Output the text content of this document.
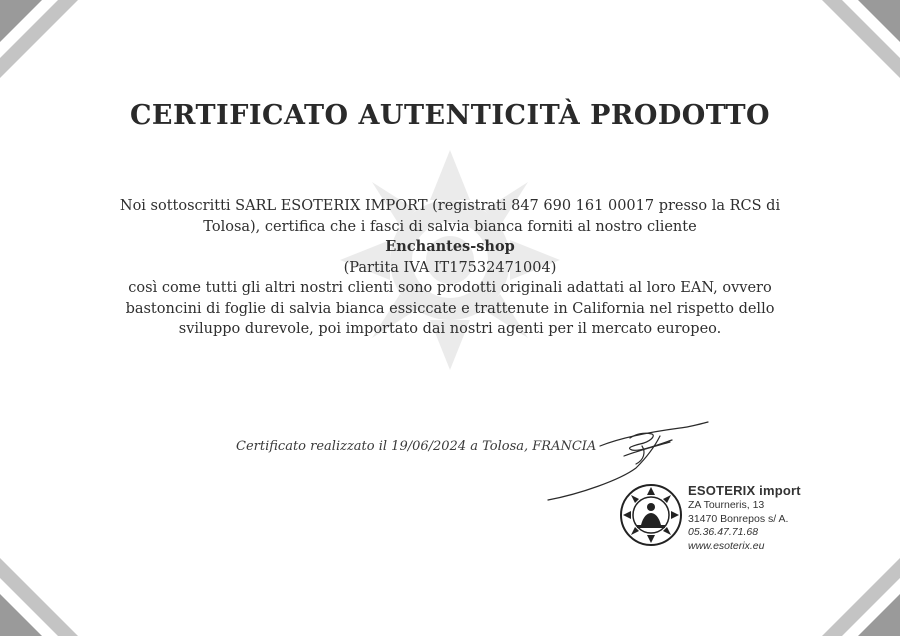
CERTIFICATO AUTENTICITÀ PRODOTTO
Noi sottoscritti SARL ESOTERIX IMPORT (registrati 847 690 161 00017 presso la RCS di
Tolosa), certifica che i fasci di salvia bianca forniti al nostro cliente
Enchantes-shop
(Partita IVA IT17532471004)
così come tutti gli altri nostri clienti sono prodotti originali adattati al loro EAN, ovvero
bastoncini di foglie di salvia bianca essiccate e trattenute in California nel rispetto dello
sviluppo durevole, poi importato dai nostri agenti per il mercato europeo.
Certificato realizzato il 19/06/2024 a Tolosa, FRANCIA
ESOTERIX import
ZA Tourneris, 13
31470 Bonrepos s/ A.
05.36.47.71.68
www.esoterix.eu
